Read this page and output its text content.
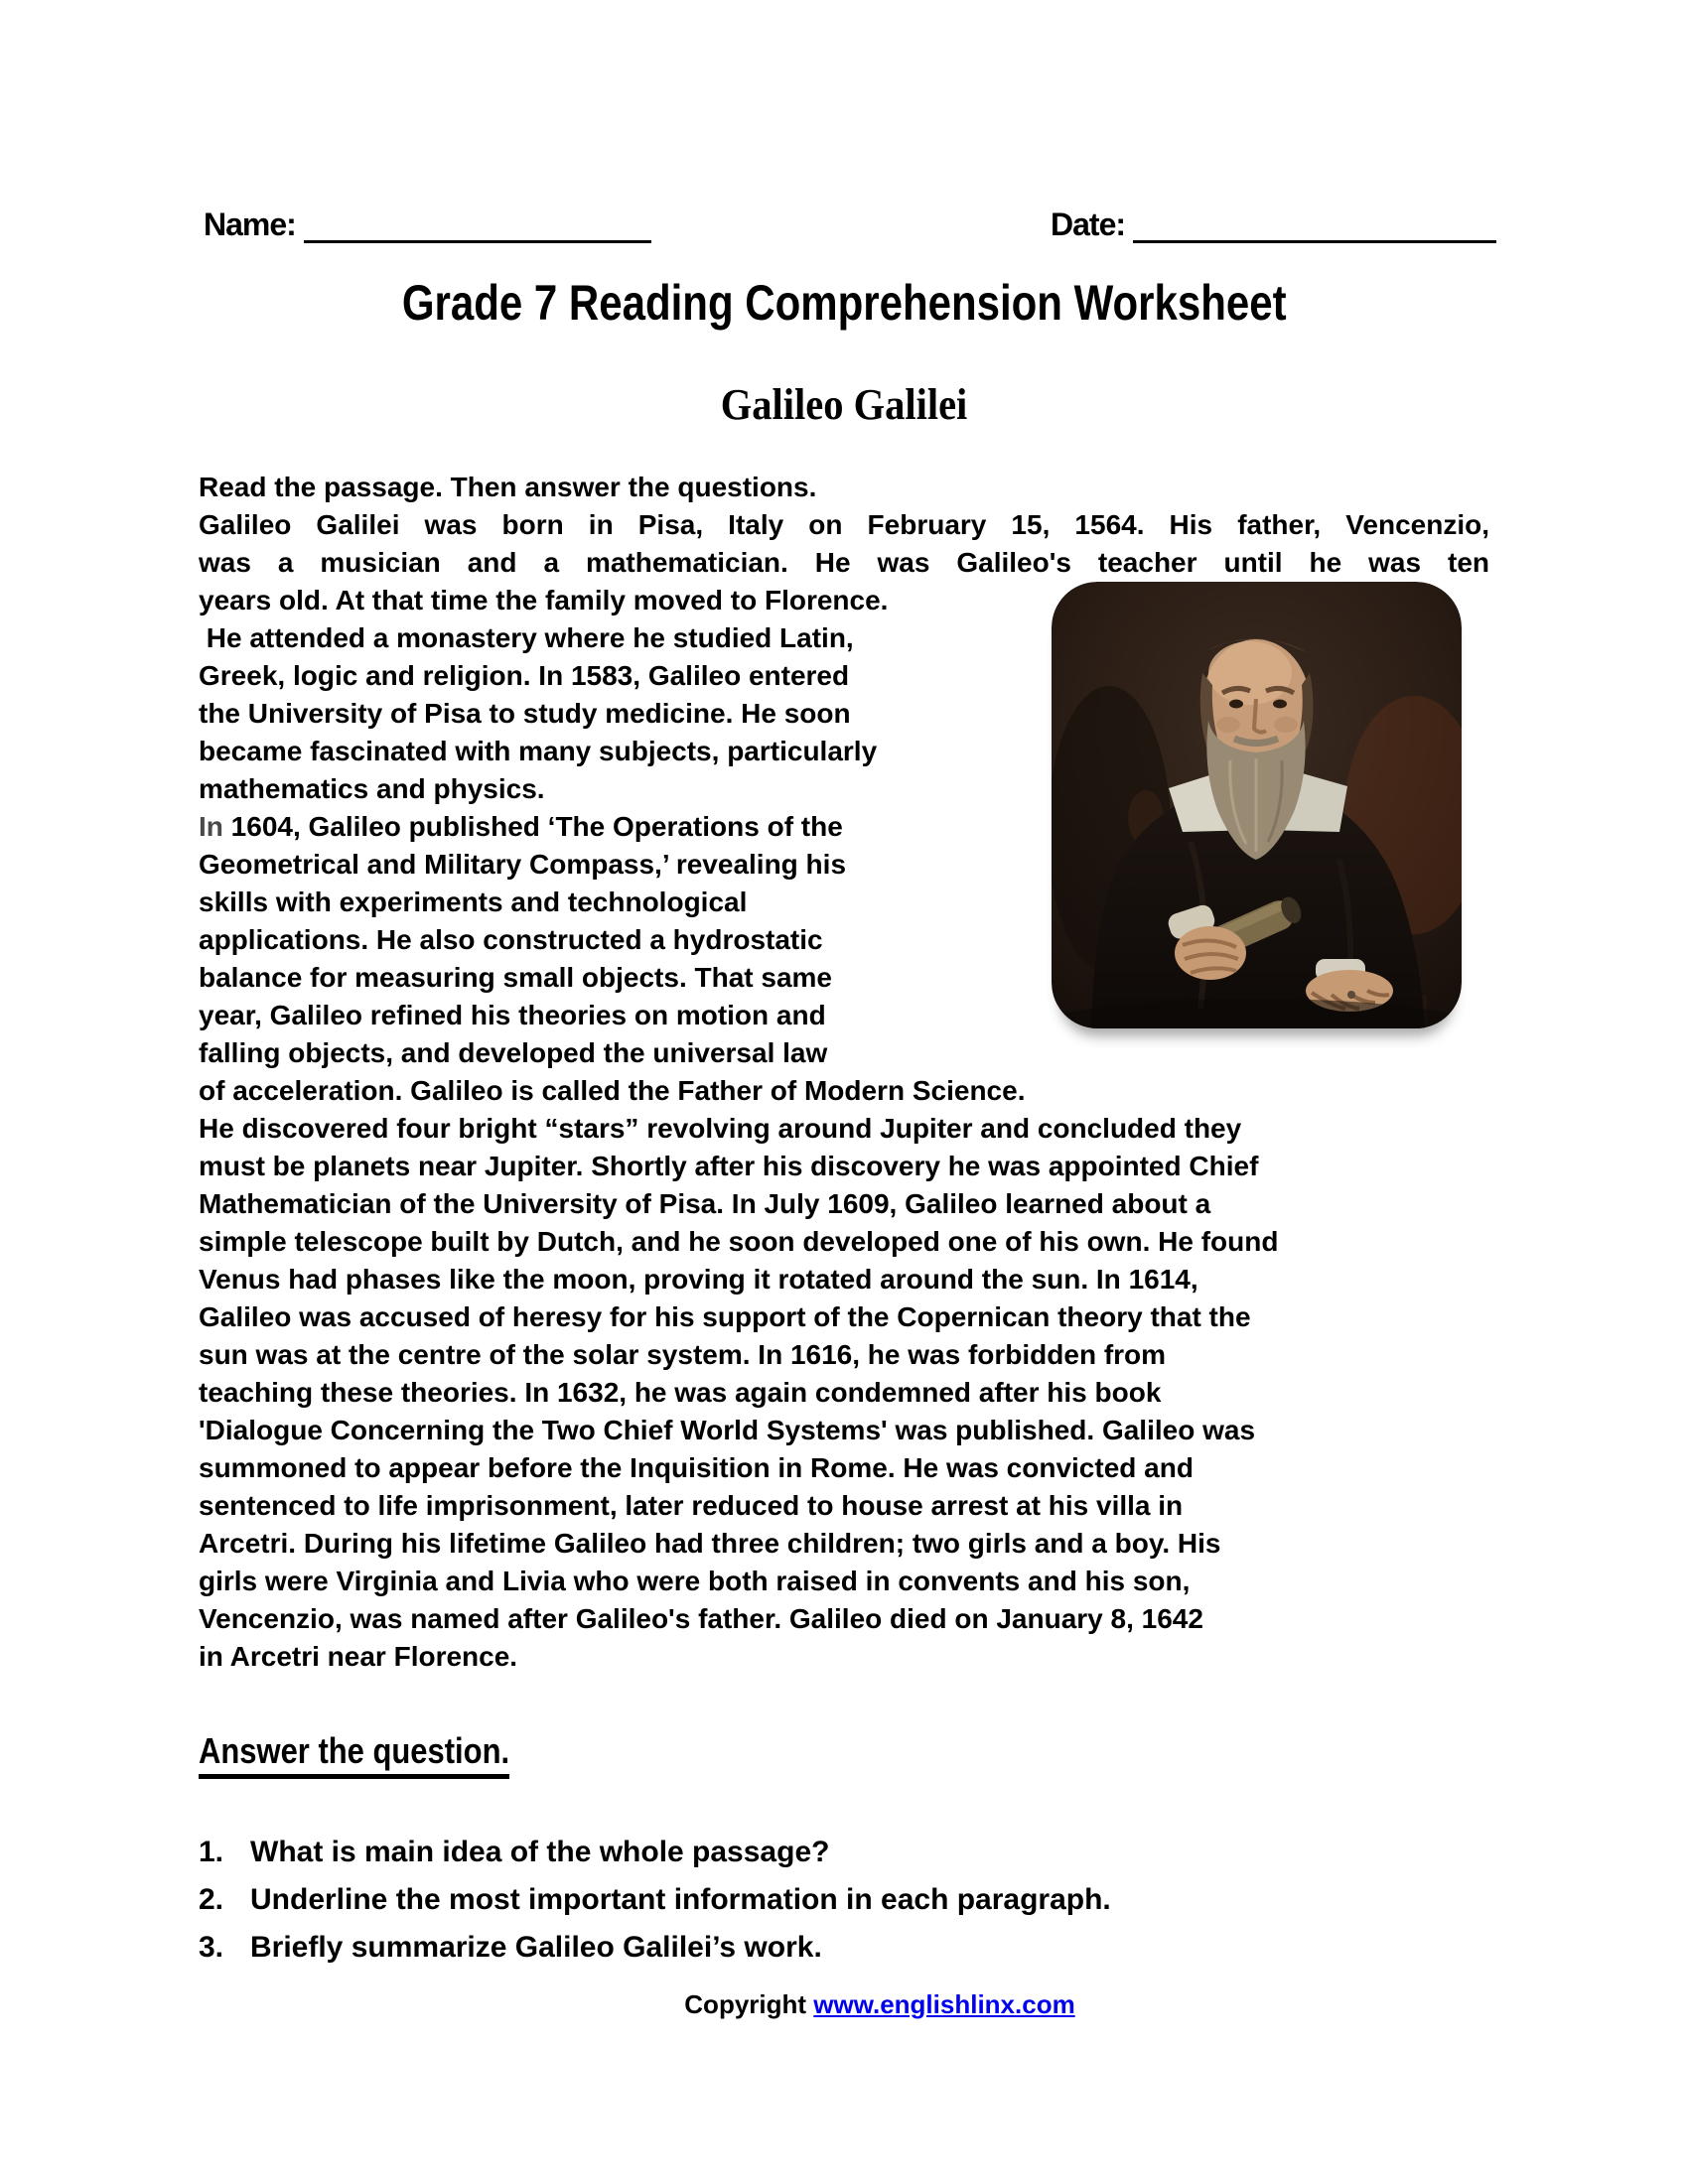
Name:	Date:
Grade 7 Reading Comprehension Worksheet
Galileo Galilei
Read the passage. Then answer the questions.
Galileo Galilei was born in Pisa, Italy on February 15, 1564. His father, Vencenzio,
was a musician and a mathematician. He was Galileo's teacher until he was ten
years old. At that time the family moved to Florence.
He attended a monastery where he studied Latin,
Greek, logic and religion. In 1583, Galileo entered
the University of Pisa to study medicine. He soon
became fascinated with many subjects, particularly
mathematics and physics.
In 1604, Galileo published ‘The Operations of the
Geometrical and Military Compass,’ revealing his
skills with experiments and technological
applications. He also constructed a hydrostatic
balance for measuring small objects. That same
year, Galileo refined his theories on motion and
falling objects, and developed the universal law
of acceleration. Galileo is called the Father of Modern Science.
He discovered four bright “stars” revolving around Jupiter and concluded they
must be planets near Jupiter. Shortly after his discovery he was appointed Chief
Mathematician of the University of Pisa. In July 1609, Galileo learned about a
simple telescope built by Dutch, and he soon developed one of his own. He found
Venus had phases like the moon, proving it rotated around the sun. In 1614,
Galileo was accused of heresy for his support of the Copernican theory that the
sun was at the centre of the solar system. In 1616, he was forbidden from
teaching these theories. In 1632, he was again condemned after his book
'Dialogue Concerning the Two Chief World Systems' was published. Galileo was
summoned to appear before the Inquisition in Rome. He was convicted and
sentenced to life imprisonment, later reduced to house arrest at his villa in
Arcetri. During his lifetime Galileo had three children; two girls and a boy. His
girls were Virginia and Livia who were both raised in convents and his son,
Vencenzio, was named after Galileo's father. Galileo died on January 8, 1642
in Arcetri near Florence.
Answer the question.
1. What is main idea of the whole passage?
2. Underline the most important information in each paragraph.
3. Briefly summarize Galileo Galilei’s work.
Copyright www.englishlinx.com
